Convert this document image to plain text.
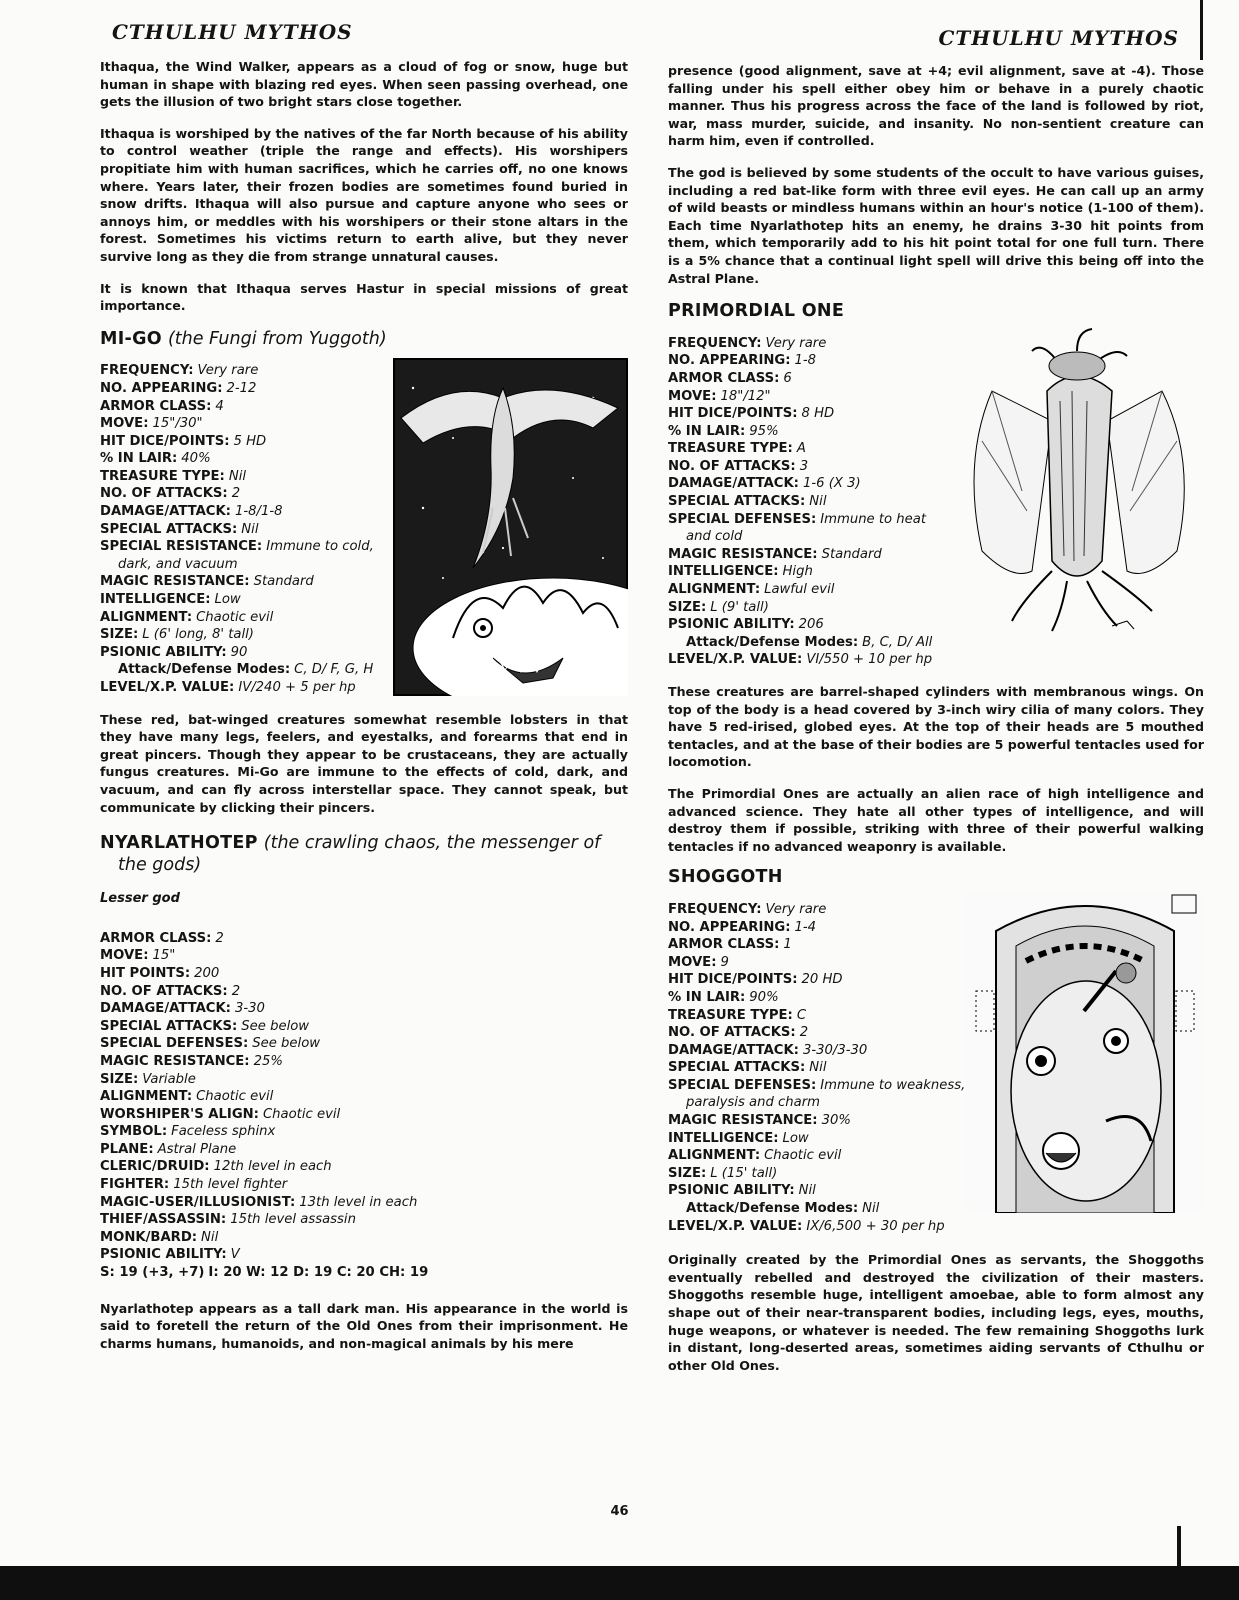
CTHULHU MYTHOS	CTHULHU MYTHOS

Ithaqua, the Wind Walker, appears as a cloud of fog or snow, huge but human in shape with blazing red eyes. When seen passing overhead, one gets the illusion of two bright stars close together.

Ithaqua is worshiped by the natives of the far North because of his ability to control weather (triple the range and effects). His worshipers propitiate him with human sacrifices, which he carries off, no one knows where. Years later, their frozen bodies are sometimes found buried in snow drifts. Ithaqua will also pursue and capture anyone who sees or annoys him, or meddles with his worshipers or their stone altars in the forest. Sometimes his victims return to earth alive, but they never survive long as they die from strange unnatural causes.

It is known that Ithaqua serves Hastur in special missions of great importance.

MI-GO (the Fungi from Yuggoth)
FREQUENCY: Very rare
NO. APPEARING: 2-12
ARMOR CLASS: 4
MOVE: 15"/30"
HIT DICE/POINTS: 5 HD
% IN LAIR: 40%
TREASURE TYPE: Nil
NO. OF ATTACKS: 2
DAMAGE/ATTACK: 1-8/1-8
SPECIAL ATTACKS: Nil
SPECIAL RESISTANCE: Immune to cold, dark, and vacuum
MAGIC RESISTANCE: Standard
INTELLIGENCE: Low
ALIGNMENT: Chaotic evil
SIZE: L (6' long, 8' tall)
PSIONIC ABILITY: 90
Attack/Defense Modes: C, D/ F, G, H
LEVEL/X.P. VALUE: IV/240 + 5 per hp

These red, bat-winged creatures somewhat resemble lobsters in that they have many legs, feelers, and eyestalks, and forearms that end in great pincers. Though they appear to be crustaceans, they are actually fungus creatures. Mi-Go are immune to the effects of cold, dark, and vacuum, and can fly across interstellar space. They cannot speak, but communicate by clicking their pincers.

NYARLATHOTEP (the crawling chaos, the messenger of the gods)
Lesser god
ARMOR CLASS: 2
MOVE: 15"
HIT POINTS: 200
NO. OF ATTACKS: 2
DAMAGE/ATTACK: 3-30
SPECIAL ATTACKS: See below
SPECIAL DEFENSES: See below
MAGIC RESISTANCE: 25%
SIZE: Variable
ALIGNMENT: Chaotic evil
WORSHIPER'S ALIGN: Chaotic evil
SYMBOL: Faceless sphinx
PLANE: Astral Plane
CLERIC/DRUID: 12th level in each
FIGHTER: 15th level fighter
MAGIC-USER/ILLUSIONIST: 13th level in each
THIEF/ASSASSIN: 15th level assassin
MONK/BARD: Nil
PSIONIC ABILITY: V
S: 19 (+3, +7) I: 20 W: 12 D: 19 C: 20 CH: 19

Nyarlathotep appears as a tall dark man. His appearance in the world is said to foretell the return of the Old Ones from their imprisonment. He charms humans, humanoids, and non-magical animals by his mere

presence (good alignment, save at +4; evil alignment, save at -4). Those falling under his spell either obey him or behave in a purely chaotic manner. Thus his progress across the face of the land is followed by riot, war, mass murder, suicide, and insanity. No non-sentient creature can harm him, even if controlled.

The god is believed by some students of the occult to have various guises, including a red bat-like form with three evil eyes. He can call up an army of wild beasts or mindless humans within an hour's notice (1-100 of them). Each time Nyarlathotep hits an enemy, he drains 3-30 hit points from them, which temporarily add to his hit point total for one full turn. There is a 5% chance that a continual light spell will drive this being off into the Astral Plane.

PRIMORDIAL ONE
FREQUENCY: Very rare
NO. APPEARING: 1-8
ARMOR CLASS: 6
MOVE: 18"/12"
HIT DICE/POINTS: 8 HD
% IN LAIR: 95%
TREASURE TYPE: A
NO. OF ATTACKS: 3
DAMAGE/ATTACK: 1-6 (X 3)
SPECIAL ATTACKS: Nil
SPECIAL DEFENSES: Immune to heat and cold
MAGIC RESISTANCE: Standard
INTELLIGENCE: High
ALIGNMENT: Lawful evil
SIZE: L (9' tall)
PSIONIC ABILITY: 206
Attack/Defense Modes: B, C, D/ All
LEVEL/X.P. VALUE: VI/550 + 10 per hp

These creatures are barrel-shaped cylinders with membranous wings. On top of the body is a head covered by 3-inch wiry cilia of many colors. They have 5 red-irised, globed eyes. At the top of their heads are 5 mouthed tentacles, and at the base of their bodies are 5 powerful tentacles used for locomotion.

The Primordial Ones are actually an alien race of high intelligence and advanced science. They hate all other types of intelligence, and will destroy them if possible, striking with three of their powerful walking tentacles if no advanced weaponry is available.

SHOGGOTH
FREQUENCY: Very rare
NO. APPEARING: 1-4
ARMOR CLASS: 1
MOVE: 9
HIT DICE/POINTS: 20 HD
% IN LAIR: 90%
TREASURE TYPE: C
NO. OF ATTACKS: 2
DAMAGE/ATTACK: 3-30/3-30
SPECIAL ATTACKS: Nil
SPECIAL DEFENSES: Immune to weakness, paralysis and charm
MAGIC RESISTANCE: 30%
INTELLIGENCE: Low
ALIGNMENT: Chaotic evil
SIZE: L (15' tall)
PSIONIC ABILITY: Nil
Attack/Defense Modes: Nil
LEVEL/X.P. VALUE: IX/6,500 + 30 per hp

Originally created by the Primordial Ones as servants, the Shoggoths eventually rebelled and destroyed the civilization of their masters. Shoggoths resemble huge, intelligent amoebae, able to form almost any shape out of their near-transparent bodies, including legs, eyes, mouths, huge weapons, or whatever is needed. The few remaining Shoggoths lurk in distant, long-deserted areas, sometimes aiding servants of Cthulhu or other Old Ones.

46
